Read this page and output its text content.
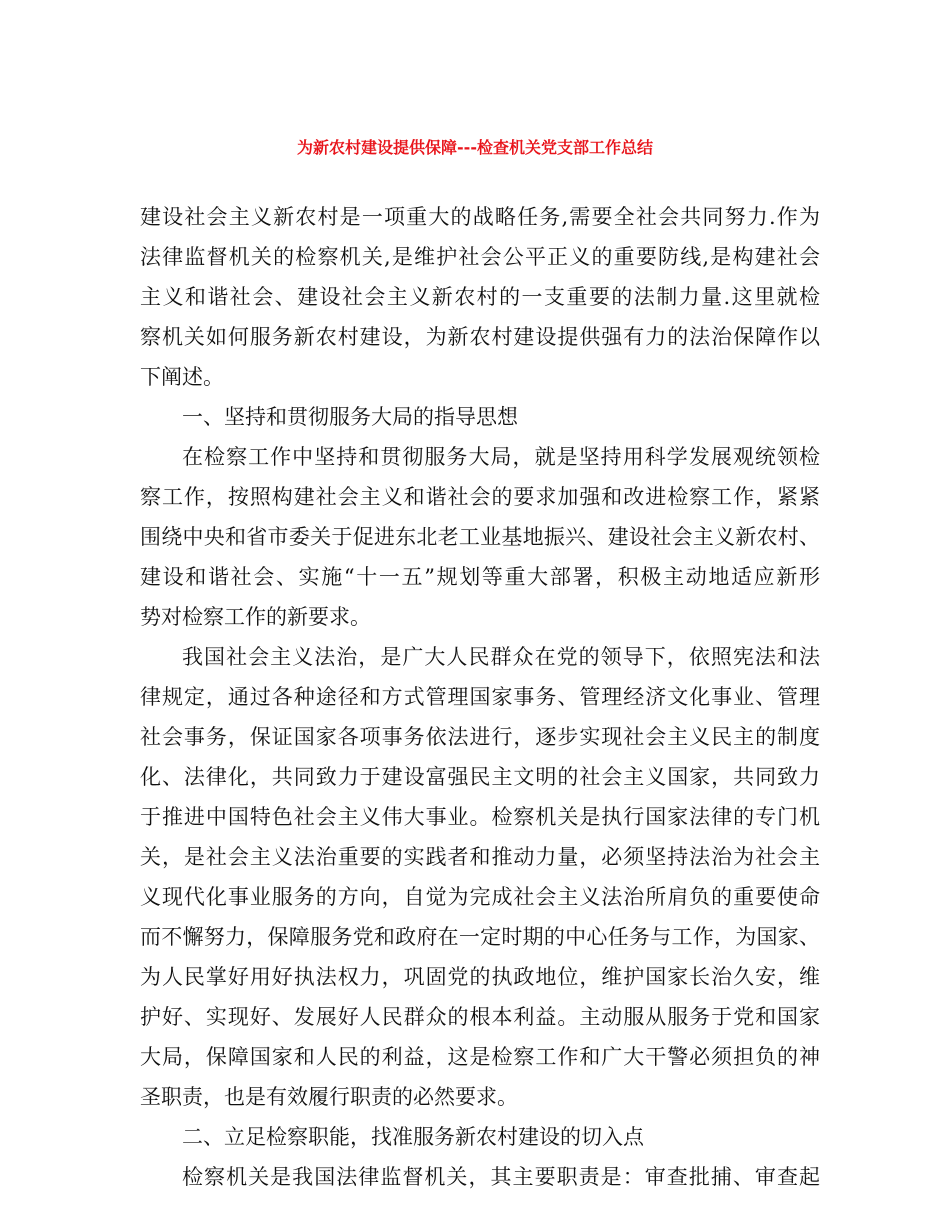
为新农村建设提供保障---检查机关党支部工作总结
建设社会主义新农村是一项重大的战略任务,需要全社会共同努力.作为
法律监督机关的检察机关,是维护社会公平正义的重要防线,是构建社会
主义和谐社会、建设社会主义新农村的一支重要的法制力量.这里就检
察机关如何服务新农村建设，为新农村建设提供强有力的法治保障作以
下阐述。
一、坚持和贯彻服务大局的指导思想
在检察工作中坚持和贯彻服务大局，就是坚持用科学发展观统领检
察工作，按照构建社会主义和谐社会的要求加强和改进检察工作，紧紧
围绕中央和省市委关于促进东北老工业基地振兴、建设社会主义新农村、
建设和谐社会、实施“十一五”规划等重大部署，积极主动地适应新形
势对检察工作的新要求。
我国社会主义法治，是广大人民群众在党的领导下，依照宪法和法
律规定，通过各种途径和方式管理国家事务、管理经济文化事业、管理
社会事务，保证国家各项事务依法进行，逐步实现社会主义民主的制度
化、法律化，共同致力于建设富强民主文明的社会主义国家，共同致力
于推进中国特色社会主义伟大事业。检察机关是执行国家法律的专门机
关，是社会主义法治重要的实践者和推动力量，必须坚持法治为社会主
义现代化事业服务的方向，自觉为完成社会主义法治所肩负的重要使命
而不懈努力，保障服务党和政府在一定时期的中心任务与工作，为国家、
为人民掌好用好执法权力，巩固党的执政地位，维护国家长治久安，维
护好、实现好、发展好人民群众的根本利益。主动服从服务于党和国家
大局，保障国家和人民的利益，这是检察工作和广大干警必须担负的神
圣职责，也是有效履行职责的必然要求。
二、立足检察职能，找准服务新农村建设的切入点
检察机关是我国法律监督机关，其主要职责是：审查批捕、审查起
